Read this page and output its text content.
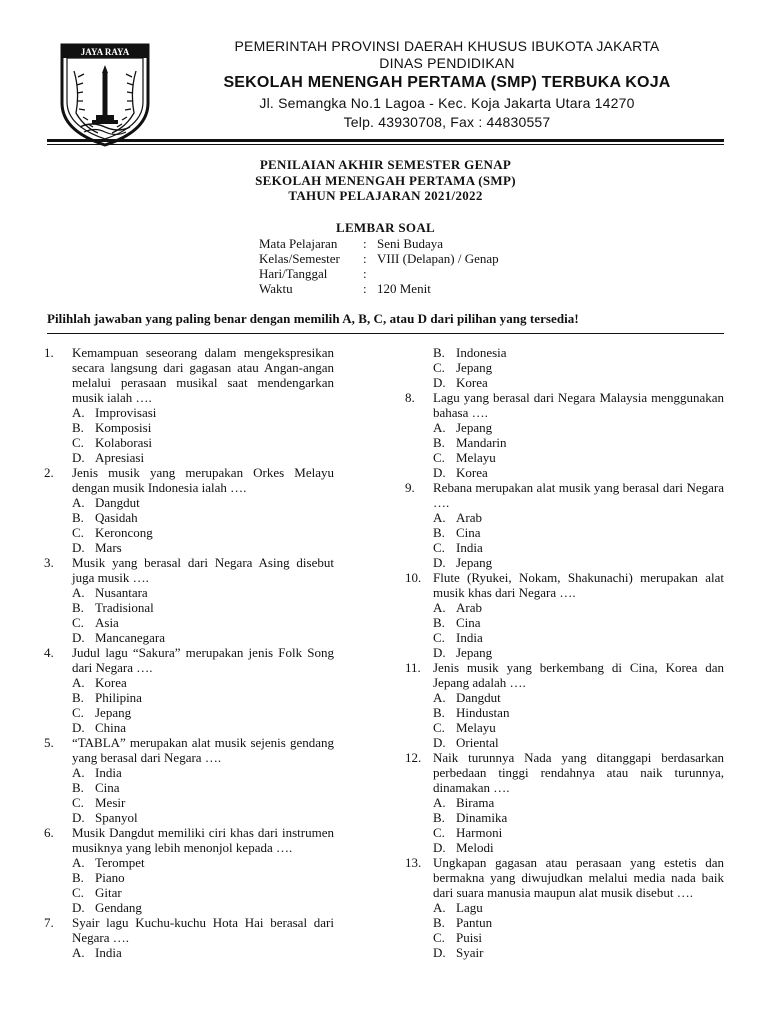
JAYA RAYA	PEMERINTAH PROVINSI DAERAH KHUSUS IBUKOTA JAKARTA
DINAS PENDIDIKAN
SEKOLAH MENENGAH PERTAMA (SMP) TERBUKA KOJA
Jl. Semangka No.1 Lagoa - Kec. Koja Jakarta Utara 14270
Telp. 43930708, Fax : 44830557
PENILAIAN AKHIR SEMESTER GENAP
SEKOLAH MENENGAH PERTAMA (SMP)
TAHUN PELAJARAN 2021/2022
LEMBAR SOAL
Mata Pelajaran	: Seni Budaya
Kelas/Semester	: VIII (Delapan) / Genap
Hari/Tanggal	:
Waktu	: 120 Menit
Pilihlah jawaban yang paling benar dengan memilih A, B, C, atau D dari pilihan yang tersedia!
1. Kemampuan seseorang dalam mengekspresikan secara langsung dari gagasan atau Angan-angan melalui perasaan musikal saat mendengarkan musik ialah ….
A. Improvisasi
B. Komposisi
C. Kolaborasi
D. Apresiasi
2. Jenis musik yang merupakan Orkes Melayu dengan musik Indonesia ialah ….
A. Dangdut
B. Qasidah
C. Keroncong
D. Mars
3. Musik yang berasal dari Negara Asing disebut juga musik ….
A. Nusantara
B. Tradisional
C. Asia
D. Mancanegara
4. Judul lagu “Sakura” merupakan jenis Folk Song dari Negara ….
A. Korea
B. Philipina
C. Jepang
D. China
5. “TABLA” merupakan alat musik sejenis gendang yang berasal dari Negara ….
A. India
B. Cina
C. Mesir
D. Spanyol
6. Musik Dangdut memiliki ciri khas dari instrumen musiknya yang lebih menonjol kepada ….
A. Terompet
B. Piano
C. Gitar
D. Gendang
7. Syair lagu Kuchu-kuchu Hota Hai berasal dari Negara ….
A. India
B. Indonesia
C. Jepang
D. Korea
8. Lagu yang berasal dari Negara Malaysia menggunakan bahasa ….
A. Jepang
B. Mandarin
C. Melayu
D. Korea
9. Rebana merupakan alat musik yang berasal dari Negara ….
A. Arab
B. Cina
C. India
D. Jepang
10. Flute (Ryukei, Nokam, Shakunachi) merupakan alat musik khas dari Negara ….
A. Arab
B. Cina
C. India
D. Jepang
11. Jenis musik yang berkembang di Cina, Korea dan Jepang adalah ….
A. Dangdut
B. Hindustan
C. Melayu
D. Oriental
12. Naik turunnya Nada yang ditanggapi berdasarkan perbedaan tinggi rendahnya atau naik turunnya, dinamakan ….
A. Birama
B. Dinamika
C. Harmoni
D. Melodi
13. Ungkapan gagasan atau perasaan yang estetis dan bermakna yang diwujudkan melalui media nada baik dari suara manusia maupun alat musik disebut ….
A. Lagu
B. Pantun
C. Puisi
D. Syair
